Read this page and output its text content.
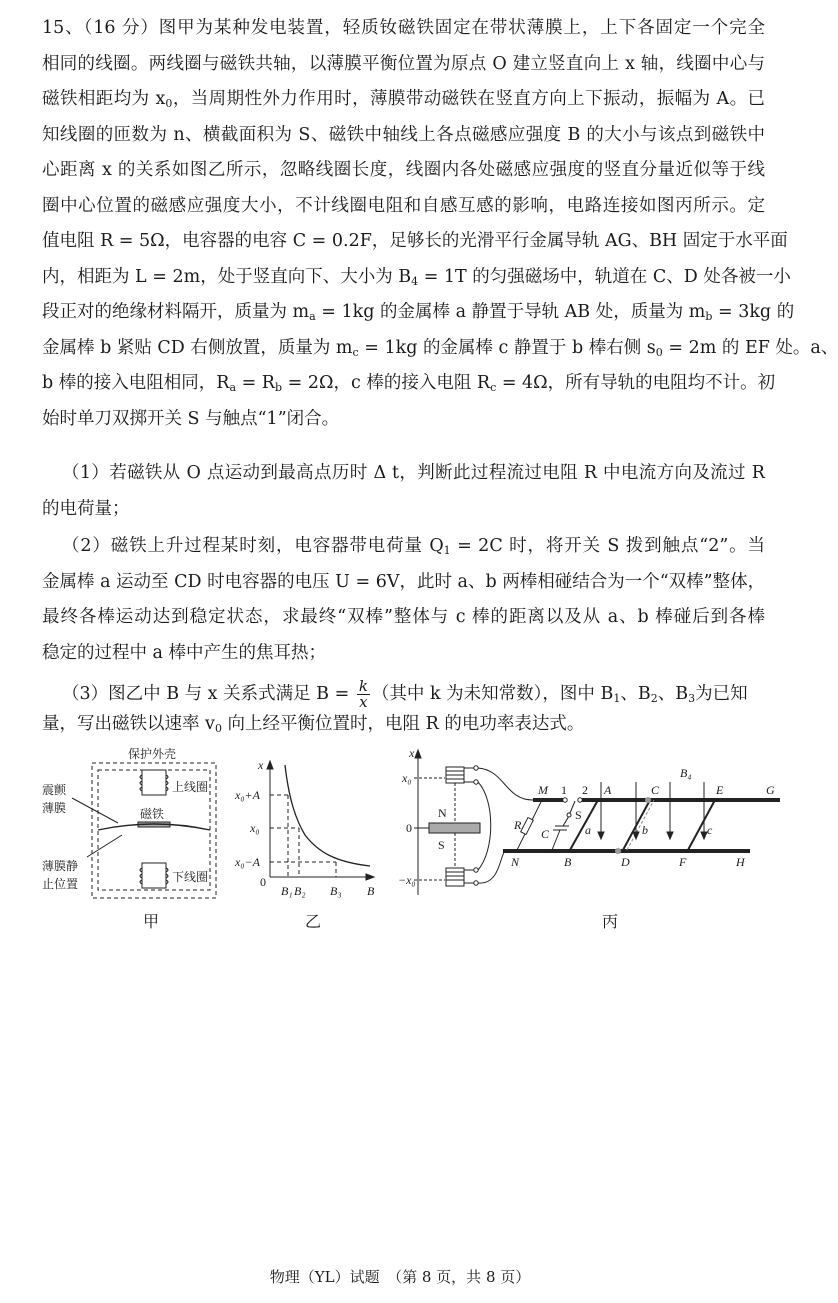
15、（16 分）图甲为某种发电装置，轻质钕磁铁固定在带状薄膜上，上下各固定一个完全
相同的线圈。两线圈与磁铁共轴，以薄膜平衡位置为原点 O 建立竖直向上 x 轴，线圈中心与
磁铁相距均为 $x_0$，当周期性外力作用时，薄膜带动磁铁在竖直方向上下振动，振幅为 A。已
知线圈的匝数为 n、横截面积为 S、磁铁中轴线上各点磁感应强度 B 的大小与该点到磁铁中
心距离 x 的关系如图乙所示，忽略线圈长度，线圈内各处磁感应强度的竖直分量近似等于线
圈中心位置的磁感应强度大小，不计线圈电阻和自感互感的影响，电路连接如图丙所示。定
值电阻 R = 5Ω，电容器的电容 C = 0.2F，足够长的光滑平行金属导轨 AG、BH 固定于水平面
内，相距为 L = 2m，处于竖直向下、大小为 $B_4 = 1T$ 的匀强磁场中，轨道在 C、D 处各被一小
段正对的绝缘材料隔开，质量为 $m_a = 1kg$ 的金属棒 a 静置于导轨 AB 处，质量为 $m_b = 3kg$ 的
金属棒 b 紧贴 CD 右侧放置，质量为 $m_c = 1kg$ 的金属棒 c 静置于 b 棒右侧 $s_0 = 2m$ 的 EF 处。a、
b 棒的接入电阻相同，$R_a = R_b = 2\Omega$，c 棒的接入电阻 $R_c = 4\Omega$，所有导轨的电阻均不计。初
始时单刀双掷开关 S 与触点“1”闭合。
（1）若磁铁从 O 点运动到最高点历时 Δ t，判断此过程流过电阻 R 中电流方向及流过 R
的电荷量；
（2）磁铁上升过程某时刻，电容器带电荷量 $Q_1 = 2C$ 时，将开关 S 拨到触点“2”。当
金属棒 a 运动至 CD 时电容器的电压 U = 6V，此时 a、b 两棒相碰结合为一个“双棒”整体，
最终各棒运动达到稳定状态，求最终“双棒”整体与 c 棒的距离以及从 a、b 棒碰后到各棒
稳定的过程中 a 棒中产生的焦耳热；
（3）图乙中 B 与 x 关系式满足 $B = \frac{k}{x}$ （其中 k 为未知常数），图中 $B_1$、$B_2$、$B_3$为已知
量，写出磁铁以速率 $v_0$ 向上经平衡位置时，电阻 R 的电功率表达式。
保护外壳
上线圈
磁铁
下线圈
震颤
薄膜
薄膜静
止位置
甲
x
x₀+A
x₀
x₀−A
0
B₁ B₂ B₃ B
乙
x
x₀
0
−x₀
N
S
M 1 2 A	C
B₄
E	G
N	B	D	F	H
R
C
S
a	b	c
丙
物理（YL）试题　（第 8 页，共 8 页）
